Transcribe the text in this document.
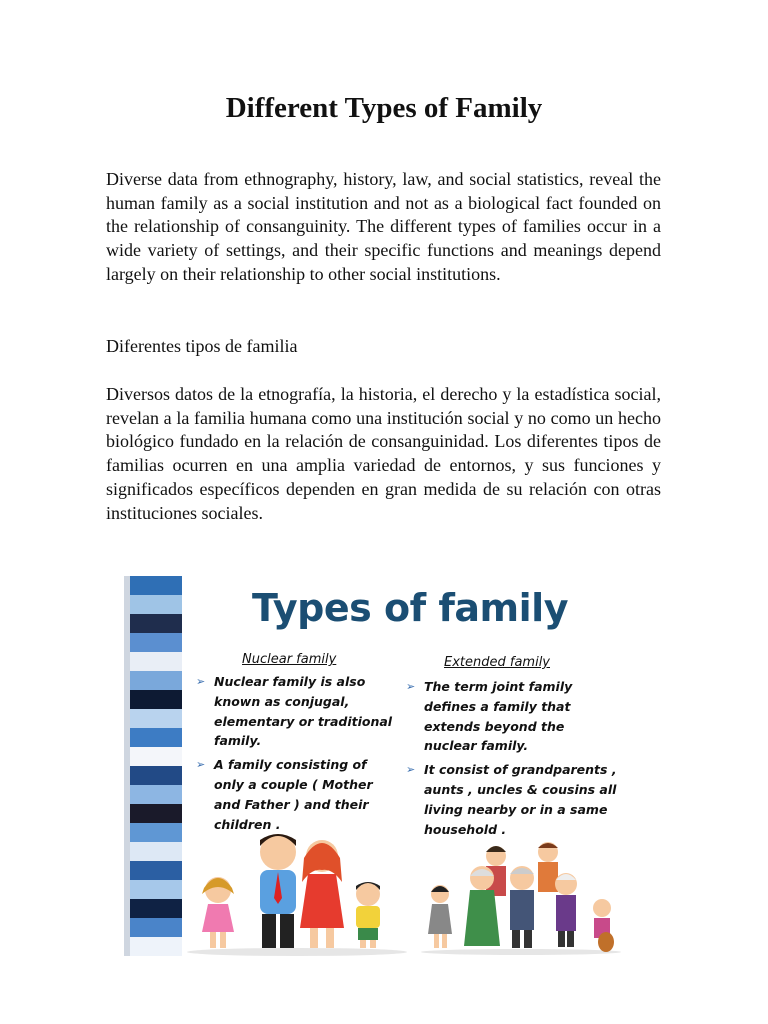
Different Types of Family

Diverse data from ethnography, history, law, and social statistics, reveal the human family as a social institution and not as a biological fact founded on the relationship of consanguinity. The different types of families occur in a wide variety of settings, and their specific functions and meanings depend largely on their relationship to other social institutions.

Diferentes tipos de familia

Diversos datos de la etnografía, la historia, el derecho y la estadística social, revelan a la familia humana como una institución social y no como un hecho biológico fundado en la relación de consanguinidad. Los diferentes tipos de familias ocurren en una amplia variedad de entornos, y sus funciones y significados específicos dependen en gran medida de su relación con otras instituciones sociales.

Types of family

Nuclear family

➢ Nuclear family is also known as conjugal, elementary or traditional family.
➢ A family consisting of only a couple ( Mother and Father ) and their children .

Extended family

➢ The term joint family defines a family that extends beyond the nuclear family.
➢ It consist of grandparents , aunts , uncles & cousins all living nearby or in a same household .
